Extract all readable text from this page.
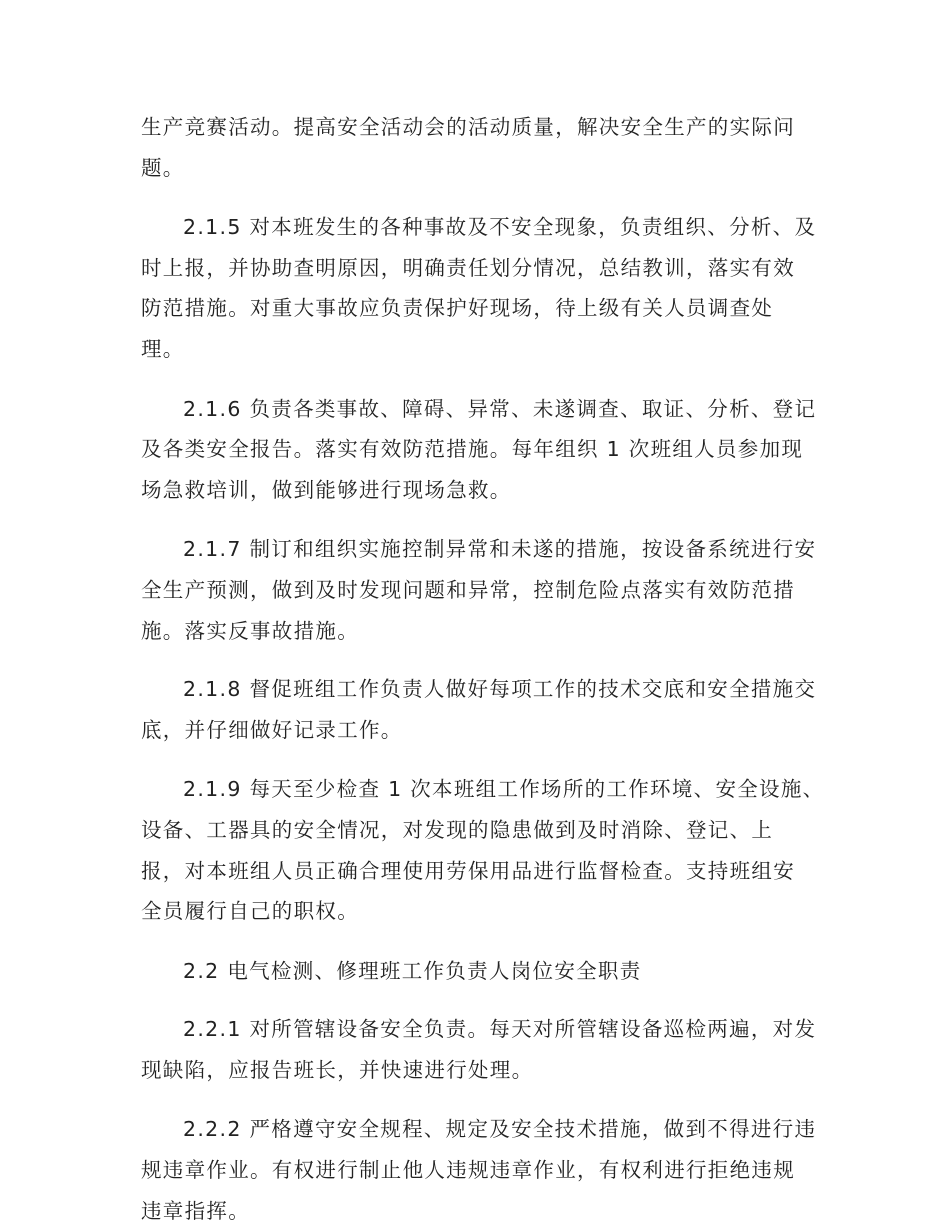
生产竞赛活动。提高安全活动会的活动质量，解决安全生产的实际问
题。

2.1.5 对本班发生的各种事故及不安全现象，负责组织、分析、及
时上报，并协助查明原因，明确责任划分情况，总结教训，落实有效
防范措施。对重大事故应负责保护好现场，待上级有关人员调查处
理。

2.1.6 负责各类事故、障碍、异常、未遂调查、取证、分析、登记
及各类安全报告。落实有效防范措施。每年组织 1 次班组人员参加现
场急救培训，做到能够进行现场急救。

2.1.7 制订和组织实施控制异常和未遂的措施，按设备系统进行安
全生产预测，做到及时发现问题和异常，控制危险点落实有效防范措
施。落实反事故措施。

2.1.8 督促班组工作负责人做好每项工作的技术交底和安全措施交
底，并仔细做好记录工作。

2.1.9 每天至少检查 1 次本班组工作场所的工作环境、安全设施、
设备、工器具的安全情况，对发现的隐患做到及时消除、登记、上
报，对本班组人员正确合理使用劳保用品进行监督检查。支持班组安
全员履行自己的职权。

2.2 电气检测、修理班工作负责人岗位安全职责

2.2.1 对所管辖设备安全负责。每天对所管辖设备巡检两遍，对发
现缺陷，应报告班长，并快速进行处理。

2.2.2 严格遵守安全规程、规定及安全技术措施，做到不得进行违
规违章作业。有权进行制止他人违规违章作业，有权利进行拒绝违规
违章指挥。
